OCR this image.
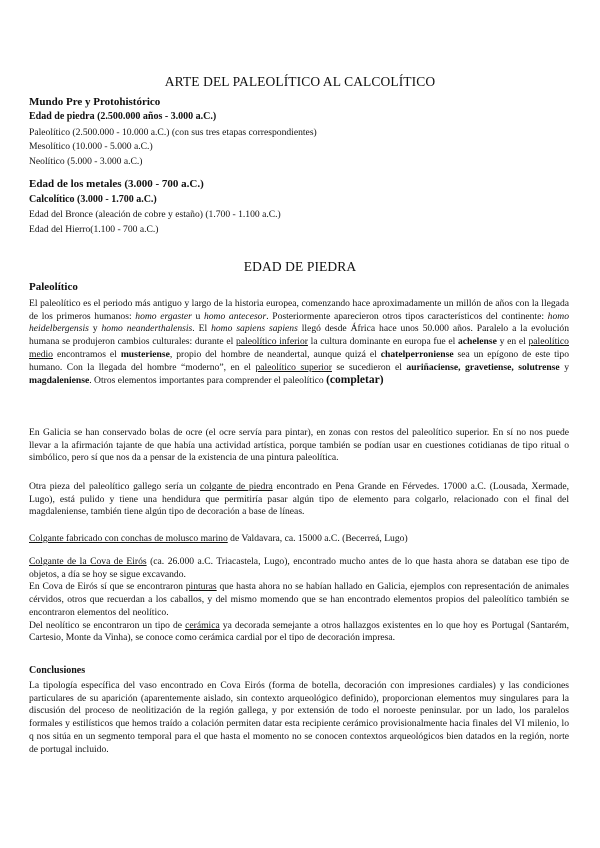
ARTE DEL PALEOLÍTICO AL CALCOLÍTICO
Mundo Pre y Protohistórico
Edad de piedra (2.500.000 años - 3.000 a.C.)
Paleolítico (2.500.000 - 10.000 a.C.) (con sus tres etapas correspondientes)
Mesolítico (10.000 - 5.000 a.C.)
Neolítico (5.000 - 3.000 a.C.)
Edad de los metales (3.000 - 700 a.C.)
Calcolítico (3.000 - 1.700 a.C.)
Edad del Bronce (aleación de cobre y estaño) (1.700 - 1.100 a.C.)
Edad del Hierro(1.100 - 700 a.C.)
EDAD DE PIEDRA
Paleolítico

El paleolítico es el periodo más antiguo y largo de la historia europea, comenzando hace aproximadamente un millón de años con la llegada de los primeros humanos: homo ergaster u homo antecesor. Posteriormente aparecieron otros tipos característicos del continente: homo heidelbergensis y homo neanderthalensis. El homo sapiens sapiens llegó desde África hace unos 50.000 años. Paralelo a la evolución humana se produjeron cambios culturales: durante el paleolítico inferior la cultura dominante en europa fue el achelense y en el paleolítico medio encontramos el musteriense, propio del hombre de neandertal, aunque quizá el chatelperroniense sea un epígono de este tipo humano. Con la llegada del hombre “moderno”, en el paleolítico superior se sucedieron el auriñaciense, gravetiense, solutrense y magdaleniense. Otros elementos importantes para comprender el paleolítico (completar)

En Galicia se han conservado bolas de ocre (el ocre servía para pintar), en zonas con restos del paleolítico superior. En sí no nos puede llevar a la afirmación tajante de que había una actividad artística, porque también se podían usar en cuestiones cotidianas de tipo ritual o simbólico, pero sí que nos da a pensar de la existencia de una pintura paleolítica.

Otra pieza del paleolítico gallego sería un colgante de piedra encontrado en Pena Grande en Férvedes. 17000 a.C. (Lousada, Xermade, Lugo), está pulido y tiene una hendidura que permitiría pasar algún tipo de elemento para colgarlo, relacionado con el final del magdaleniense, también tiene algún tipo de decoración a base de líneas.

Colgante fabricado con conchas de molusco marino de Valdavara, ca. 15000 a.C. (Becerreá, Lugo)

Colgante de la Cova de Eirós (ca. 26.000 a.C. Triacastela, Lugo), encontrado mucho antes de lo que hasta ahora se databan ese tipo de objetos, a día se hoy se sigue excavando.

En Cova de Eirós sí que se encontraron pinturas que hasta ahora no se habían hallado en Galicia, ejemplos con representación de animales cérvidos, otros que recuerdan a los caballos, y del mismo momendo que se han encontrado elementos propios del paleolítico también se encontraron elementos del neolítico.

Del neolítico se encontraron un tipo de cerámica ya decorada semejante a otros hallazgos existentes en lo que hoy es Portugal (Santarém, Cartesio, Monte da Vinha), se conoce como cerámica cardial por el tipo de decoración impresa.

Conclusiones

La tipología específica del vaso encontrado en Cova Eirós (forma de botella, decoración con impresiones cardiales) y las condiciones particulares de su aparición (aparentemente aislado, sin contexto arqueológico definido), proporcionan elementos muy singulares para la discusión del proceso de neolitización de la región gallega, y por extensión de todo el noroeste peninsular. por un lado, los paralelos formales y estilísticos que hemos traído a colación permiten datar esta recipiente cerámico provisionalmente hacia finales del VI milenio, lo q nos sitúa en un segmento temporal para el que hasta el momento no se conocen contextos arqueológicos bien datados en la región, norte de portugal incluido.
